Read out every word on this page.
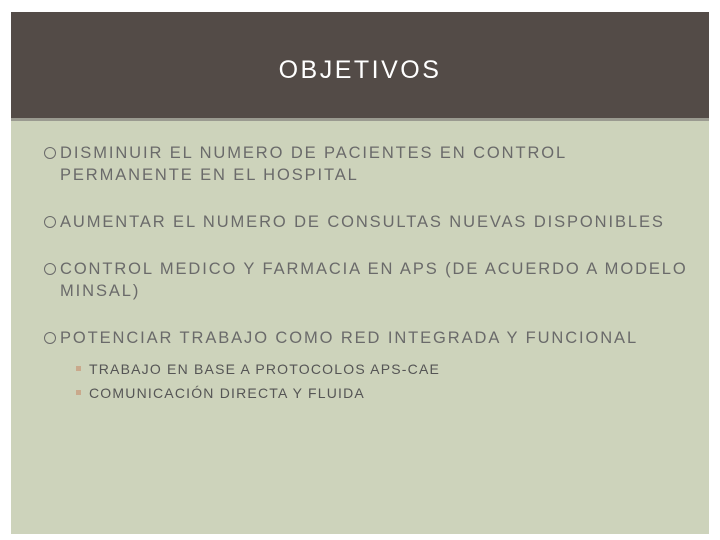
OBJETIVOS
DISMINUIR EL NUMERO DE PACIENTES EN CONTROL PERMANENTE EN EL HOSPITAL
AUMENTAR EL NUMERO DE CONSULTAS NUEVAS DISPONIBLES
CONTROL MEDICO Y FARMACIA EN APS (DE ACUERDO A MODELO MINSAL)
POTENCIAR TRABAJO COMO RED INTEGRADA Y FUNCIONAL
TRABAJO EN BASE A PROTOCOLOS APS-CAE
COMUNICACIÓN DIRECTA Y FLUIDA
